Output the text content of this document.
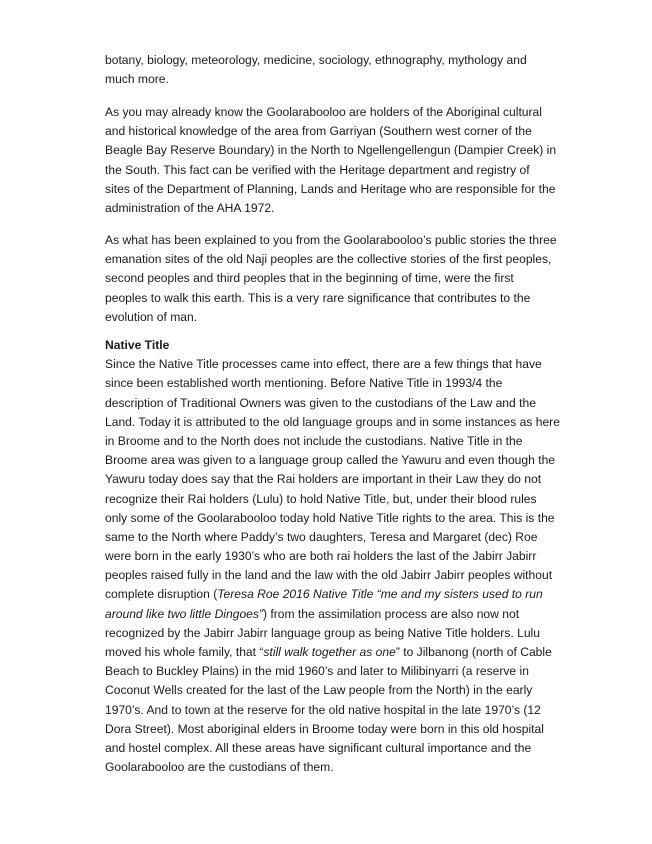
botany, biology, meteorology, medicine, sociology, ethnography, mythology and
much more.
As you may already know the Goolarabooloo are holders of the Aboriginal cultural
and historical knowledge of the area from Garriyan (Southern west corner of the
Beagle Bay Reserve Boundary) in the North to Ngellengellengun (Dampier Creek) in
the South. This fact can be verified with the Heritage department and registry of
sites of the Department of Planning, Lands and Heritage who are responsible for the
administration of the AHA 1972.
As what has been explained to you from the Goolarabooloo’s public stories the three
emanation sites of the old Naji peoples are the collective stories of the first peoples,
second peoples and third peoples that in the beginning of time, were the first
peoples to walk this earth. This is a very rare significance that contributes to the
evolution of man.
Native Title
Since the Native Title processes came into effect, there are a few things that have
since been established worth mentioning. Before Native Title in 1993/4 the
description of Traditional Owners was given to the custodians of the Law and the
Land. Today it is attributed to the old language groups and in some instances as here
in Broome and to the North does not include the custodians. Native Title in the
Broome area was given to a language group called the Yawuru and even though the
Yawuru today does say that the Rai holders are important in their Law they do not
recognize their Rai holders (Lulu) to hold Native Title, but, under their blood rules
only some of the Goolarabooloo today hold Native Title rights to the area. This is the
same to the North where Paddy’s two daughters, Teresa and Margaret (dec) Roe
were born in the early 1930’s who are both rai holders the last of the Jabirr Jabirr
peoples raised fully in the land and the law with the old Jabirr Jabirr peoples without
complete disruption (Teresa Roe 2016 Native Title “me and my sisters used to run
around like two little Dingoes”) from the assimilation process are also now not
recognized by the Jabirr Jabirr language group as being Native Title holders. Lulu
moved his whole family, that “still walk together as one” to Jilbanong (north of Cable
Beach to Buckley Plains) in the mid 1960’s and later to Milibinyarri (a reserve in
Coconut Wells created for the last of the Law people from the North) in the early
1970’s. And to town at the reserve for the old native hospital in the late 1970’s (12
Dora Street). Most aboriginal elders in Broome today were born in this old hospital
and hostel complex. All these areas have significant cultural importance and the
Goolarabooloo are the custodians of them.
